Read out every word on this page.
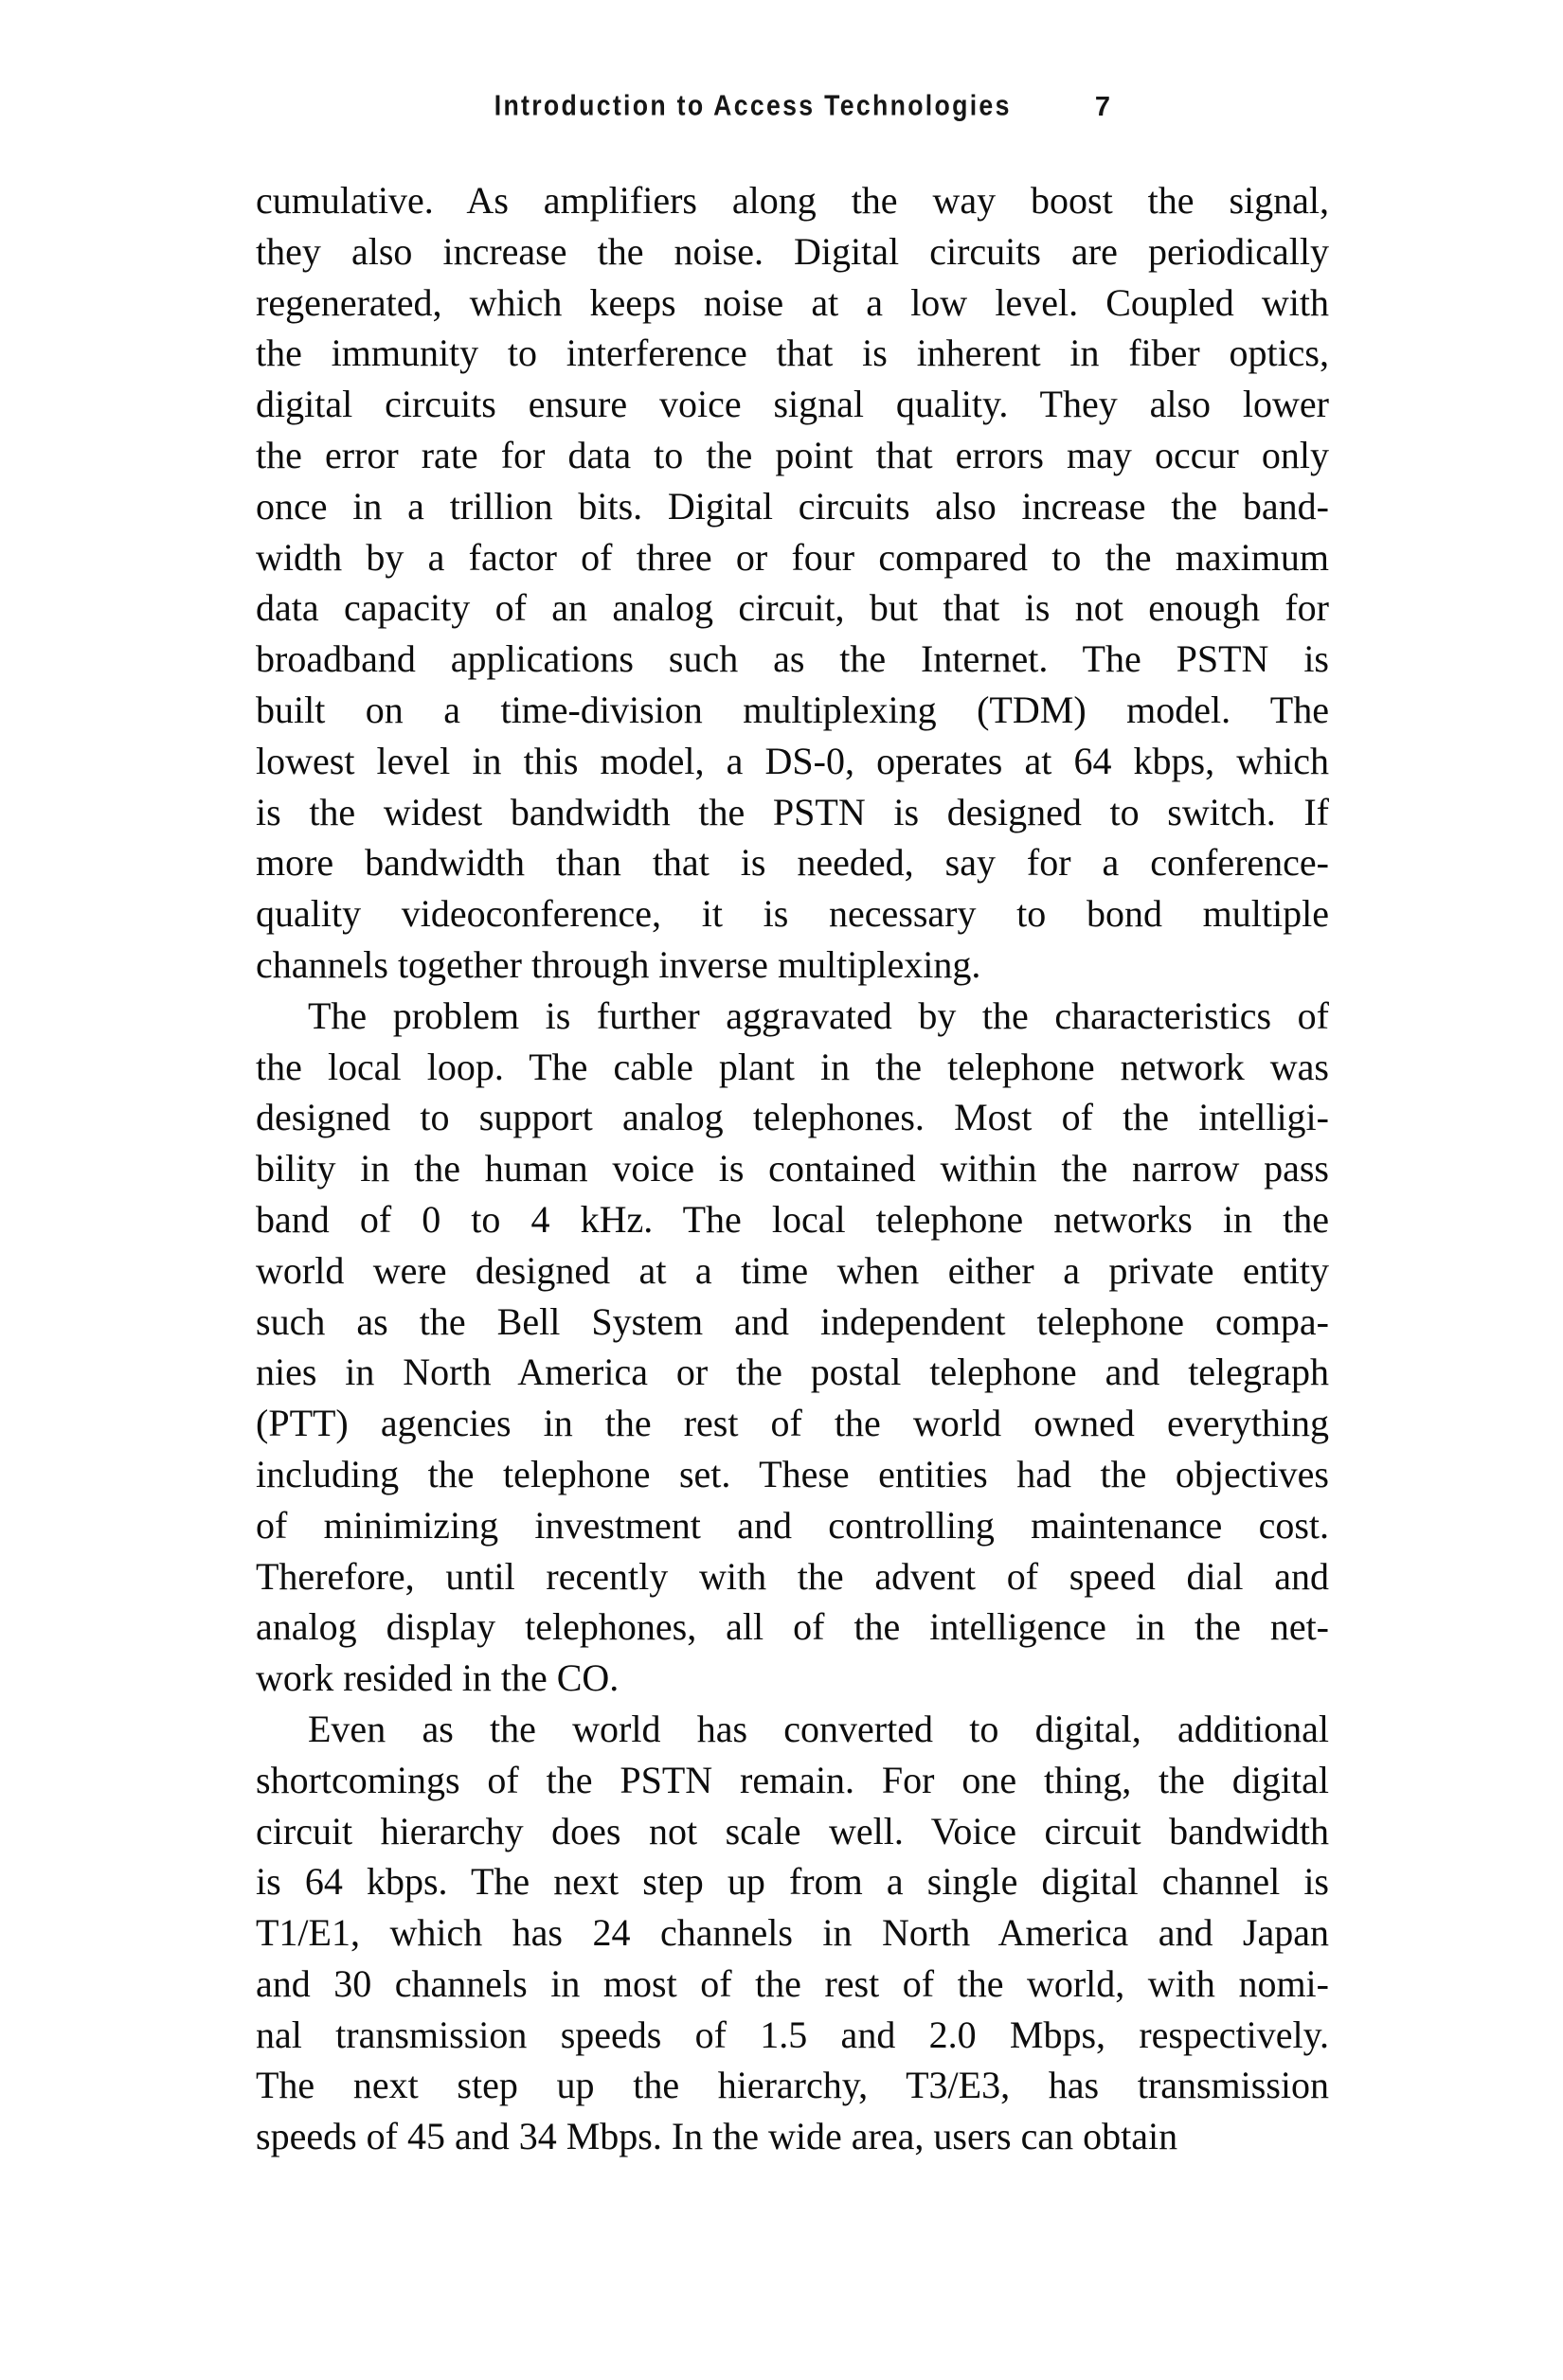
Introduction to Access Technologies	7
cumulative. As amplifiers along the way boost the signal,
they also increase the noise. Digital circuits are periodically
regenerated, which keeps noise at a low level. Coupled with
the immunity to interference that is inherent in fiber optics,
digital circuits ensure voice signal quality. They also lower
the error rate for data to the point that errors may occur only
once in a trillion bits. Digital circuits also increase the band-
width by a factor of three or four compared to the maximum
data capacity of an analog circuit, but that is not enough for
broadband applications such as the Internet. The PSTN is
built on a time-division multiplexing (TDM) model. The
lowest level in this model, a DS-0, operates at 64 kbps, which
is the widest bandwidth the PSTN is designed to switch. If
more bandwidth than that is needed, say for a conference-
quality videoconference, it is necessary to bond multiple
channels together through inverse multiplexing.
The problem is further aggravated by the characteristics of
the local loop. The cable plant in the telephone network was
designed to support analog telephones. Most of the intelligi-
bility in the human voice is contained within the narrow pass
band of 0 to 4 kHz. The local telephone networks in the
world were designed at a time when either a private entity
such as the Bell System and independent telephone compa-
nies in North America or the postal telephone and telegraph
(PTT) agencies in the rest of the world owned everything
including the telephone set. These entities had the objectives
of minimizing investment and controlling maintenance cost.
Therefore, until recently with the advent of speed dial and
analog display telephones, all of the intelligence in the net-
work resided in the CO.
Even as the world has converted to digital, additional
shortcomings of the PSTN remain. For one thing, the digital
circuit hierarchy does not scale well. Voice circuit bandwidth
is 64 kbps. The next step up from a single digital channel is
T1/E1, which has 24 channels in North America and Japan
and 30 channels in most of the rest of the world, with nomi-
nal transmission speeds of 1.5 and 2.0 Mbps, respectively.
The next step up the hierarchy, T3/E3, has transmission
speeds of 45 and 34 Mbps. In the wide area, users can obtain
